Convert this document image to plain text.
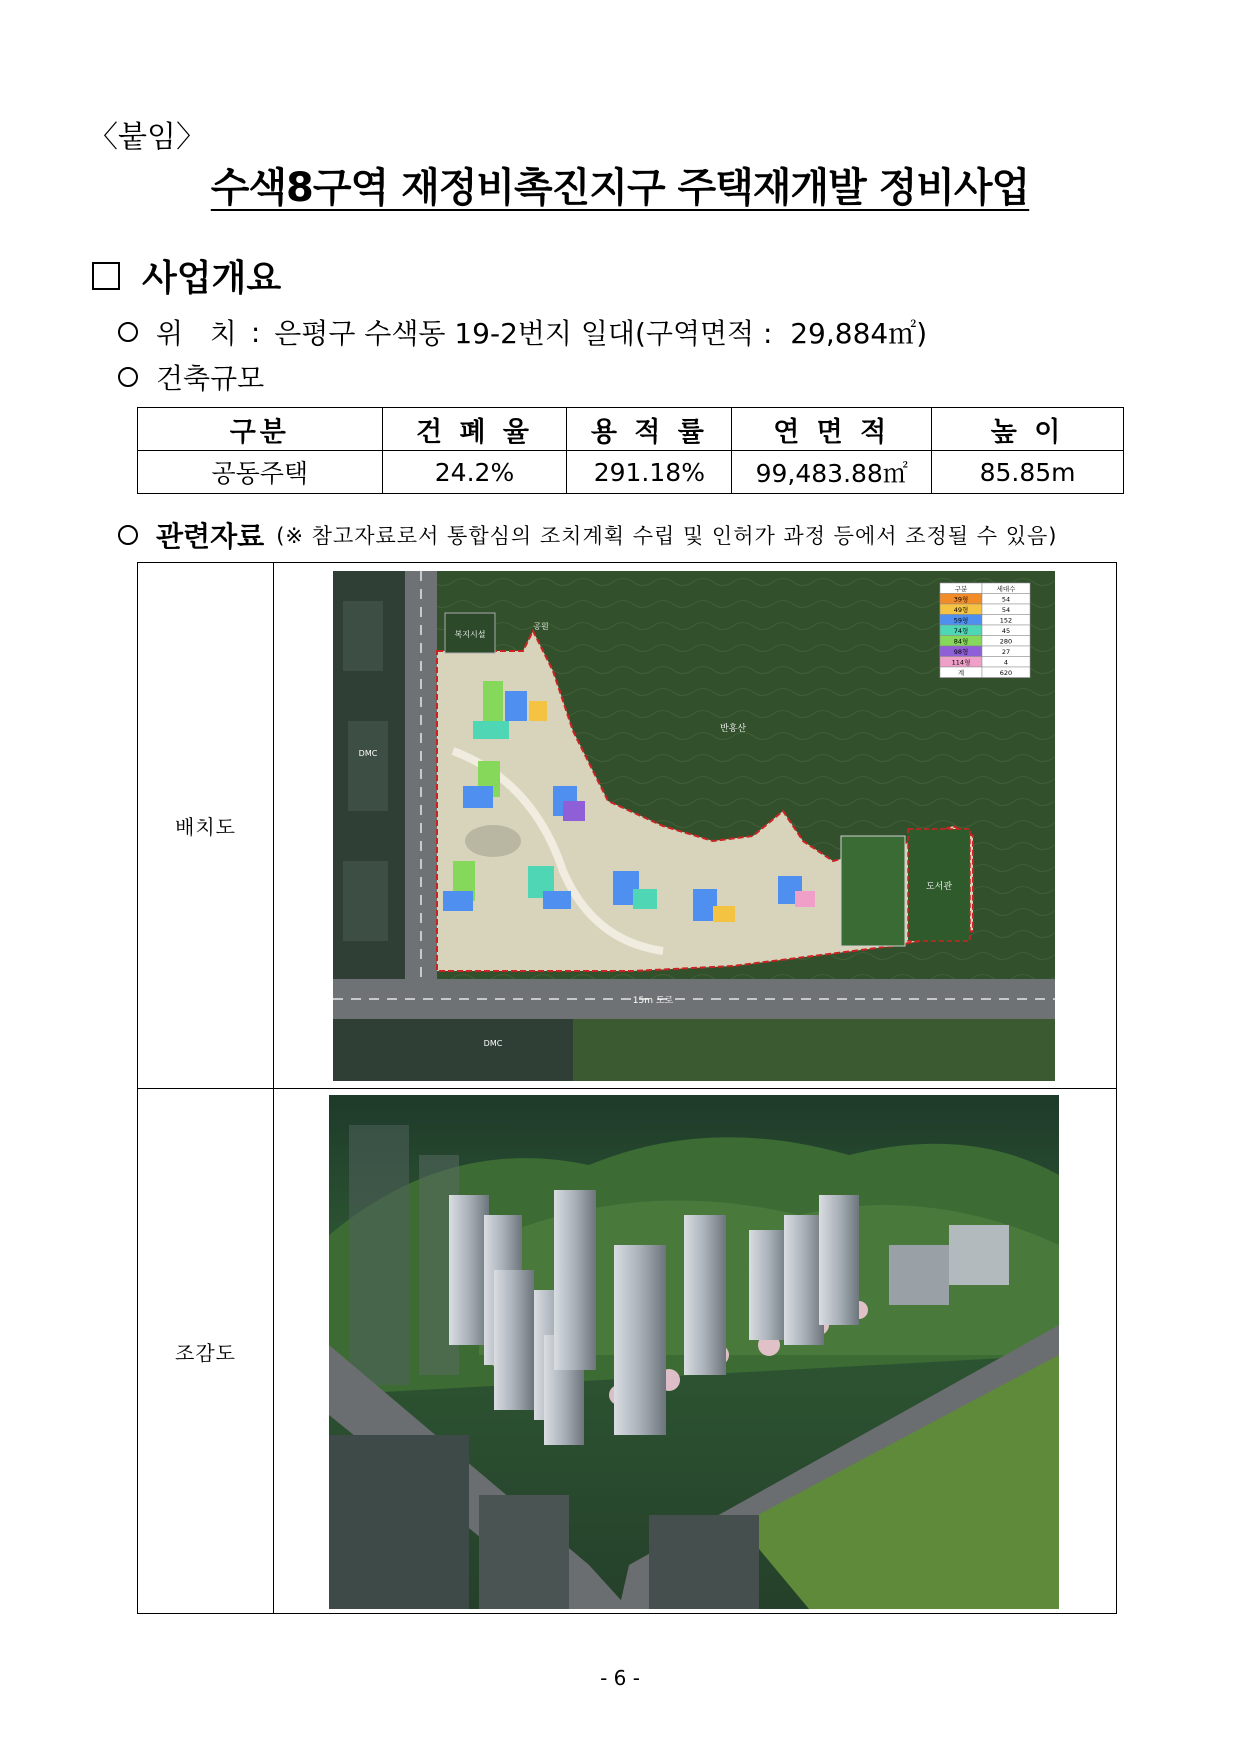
〈붙임〉
수색8구역 재정비촉진지구 주택재개발 정비사업
사업개요
위   치 : 은평구 수색동 19-2번지 일대(구역면적 :  29,884㎡)
건축규모
구분	건 폐 율	용 적 률	연 면 적	높 이
공동주택	24.2%	291.18%	99,483.88㎡	85.85m
관련자료 (※ 참고자료로서 통합심의 조치계획 수립 및 인허가 과정 등에서 조정될 수 있음)
배치도
도서관
복지시설
공원
반홍산
15m 도로
DMC
DMC
구분	세대수
39형	54
49형	54
59형	152
74형	45
84형	280
98형	27
114형	4
계	620
조감도
- 6 -
